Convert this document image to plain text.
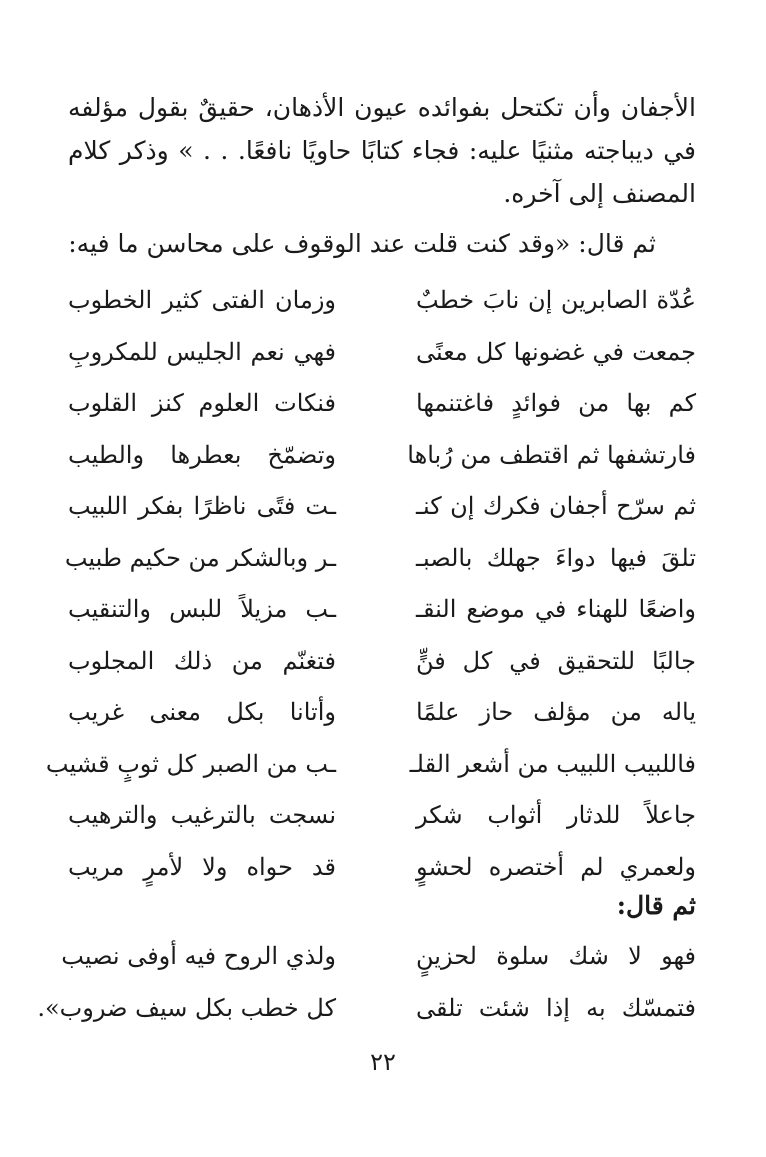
الأجفان وأن تكتحل بفوائده عيون الأذهان، حقيقٌ بقول مؤلفه في ديباجته مثنيًا عليه: فجاء كتابًا حاويًا نافعًا. . . » وذكر كلام المصنف إلى آخره.

ثم قال: «وقد كنت قلت عند الوقوف على محاسن ما فيه:
عُدّة الصابرين إن نابَ خطبٌ
وزمان الفتى كثير الخطوب
جمعت في غضونها كل معنًى
فهي نعم الجليس للمكروبِ
كم بها من فوائدٍ فاغتنمها
فنكات العلوم كنز القلوب
فارتشفها ثم اقتطف من رُباها
وتضمّخ بعطرها والطيب
ثم سرّح أجفان فكرك إن كنـ
ـت فتًى ناظرًا بفكر اللبيب
تلقَ فيها دواءَ جهلك بالصبـ
ـر وبالشكر من حكيم طبيب
واضعًا للهناء في موضع النقـ
ـب مزيلاً للبس والتنقيب
جالبًا للتحقيق في كل فنٍّ
فتغنّم من ذلك المجلوب
ياله من مؤلف حاز علمًا
وأتانا بكل معنى غريب
فاللبيب اللبيب من أشعر القلـ
ـب من الصبر كل ثوبٍ قشيب
جاعلاً للدثار أثواب شكر
نسجت بالترغيب والترهيب
ولعمري لم أختصره لحشوٍ
قد حواه ولا لأمرٍ مريب
ثم قال:
فهو لا شك سلوة لحزينٍ
ولذي الروح فيه أوفى نصيب
فتمسّك به إذا شئت تلقى
كل خطب بكل سيف ضروب».
٢٢
